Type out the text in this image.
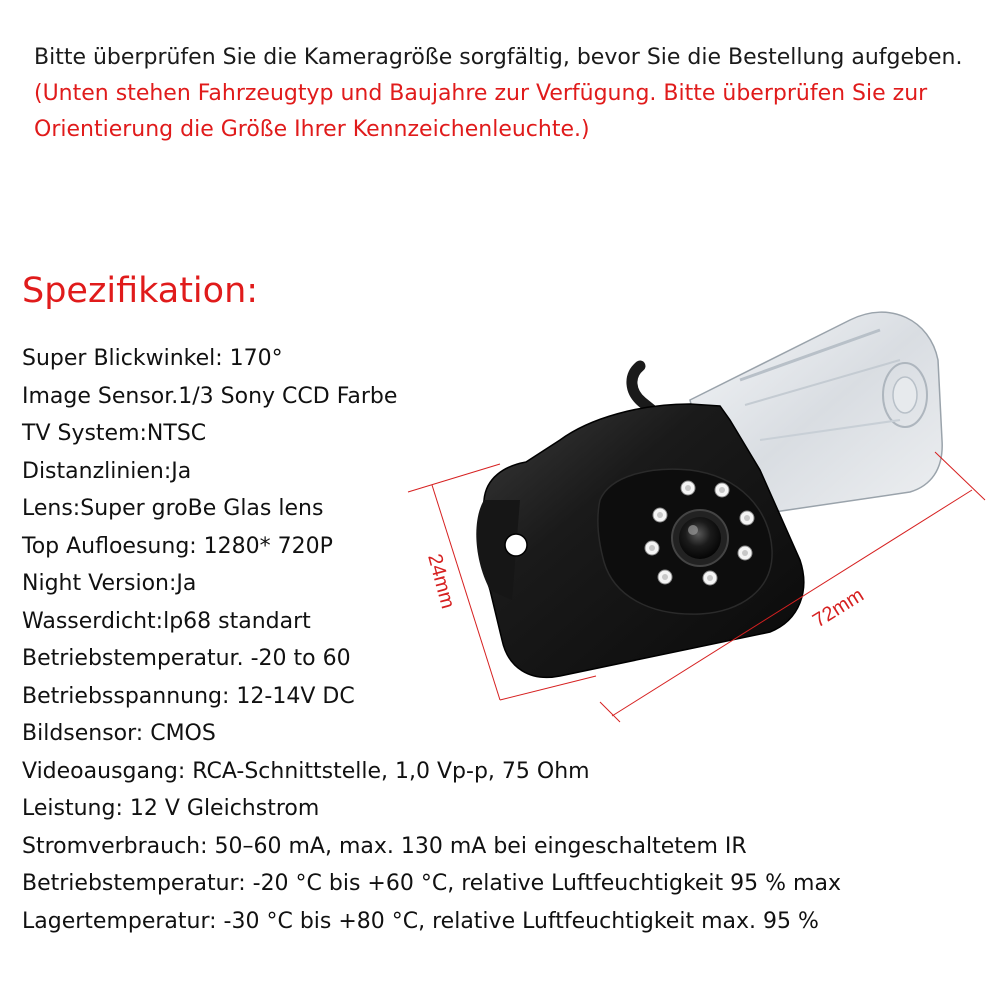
Bitte überprüfen Sie die Kameragröße sorgfältig, bevor Sie die Bestellung aufgeben.

(Unten stehen Fahrzeugtyp und Baujahre zur Verfügung. Bitte überprüfen Sie zur Orientierung die Größe Ihrer Kennzeichenleuchte.)

Spezifikation:
Super Blickwinkel: 170°
Image Sensor.1/3 Sony CCD Farbe
TV System:NTSC
Distanzlinien:Ja
Lens:Super groBe Glas lens
Top Aufloesung: 1280* 720P
Night Version:Ja
Wasserdicht:lp68 standart
Betriebstemperatur. -20 to 60
Betriebsspannung: 12-14V DC
Bildsensor: CMOS
Videoausgang: RCA-Schnittstelle, 1,0 Vp-p, 75 Ohm
Leistung: 12 V Gleichstrom
Stromverbrauch: 50–60 mA, max. 130 mA bei eingeschaltetem IR
Betriebstemperatur: -20 °C bis +60 °C, relative Luftfeuchtigkeit 95 % max
Lagertemperatur: -30 °C bis +80 °C, relative Luftfeuchtigkeit max. 95 %
24mm	72mm
